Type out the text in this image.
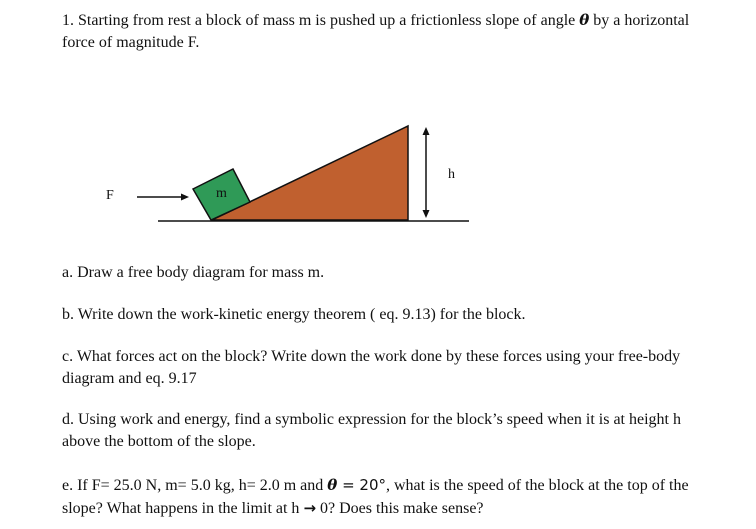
1. Starting from rest a block of mass m is pushed up a frictionless slope of angle θ by a horizontal force of magnitude F.

m
F
h

a. Draw a free body diagram for mass m.

b. Write down the work-kinetic energy theorem ( eq. 9.13) for the block.

c. What forces act on the block? Write down the work done by these forces using your free-body diagram and eq. 9.17

d. Using work and energy, find a symbolic expression for the block’s speed when it is at height h above the bottom of the slope.

e. If F= 25.0 N, m= 5.0 kg, h= 2.0 m and θ = 20°, what is the speed of the block at the top of the slope? What happens in the limit at h → 0? Does this make sense?
